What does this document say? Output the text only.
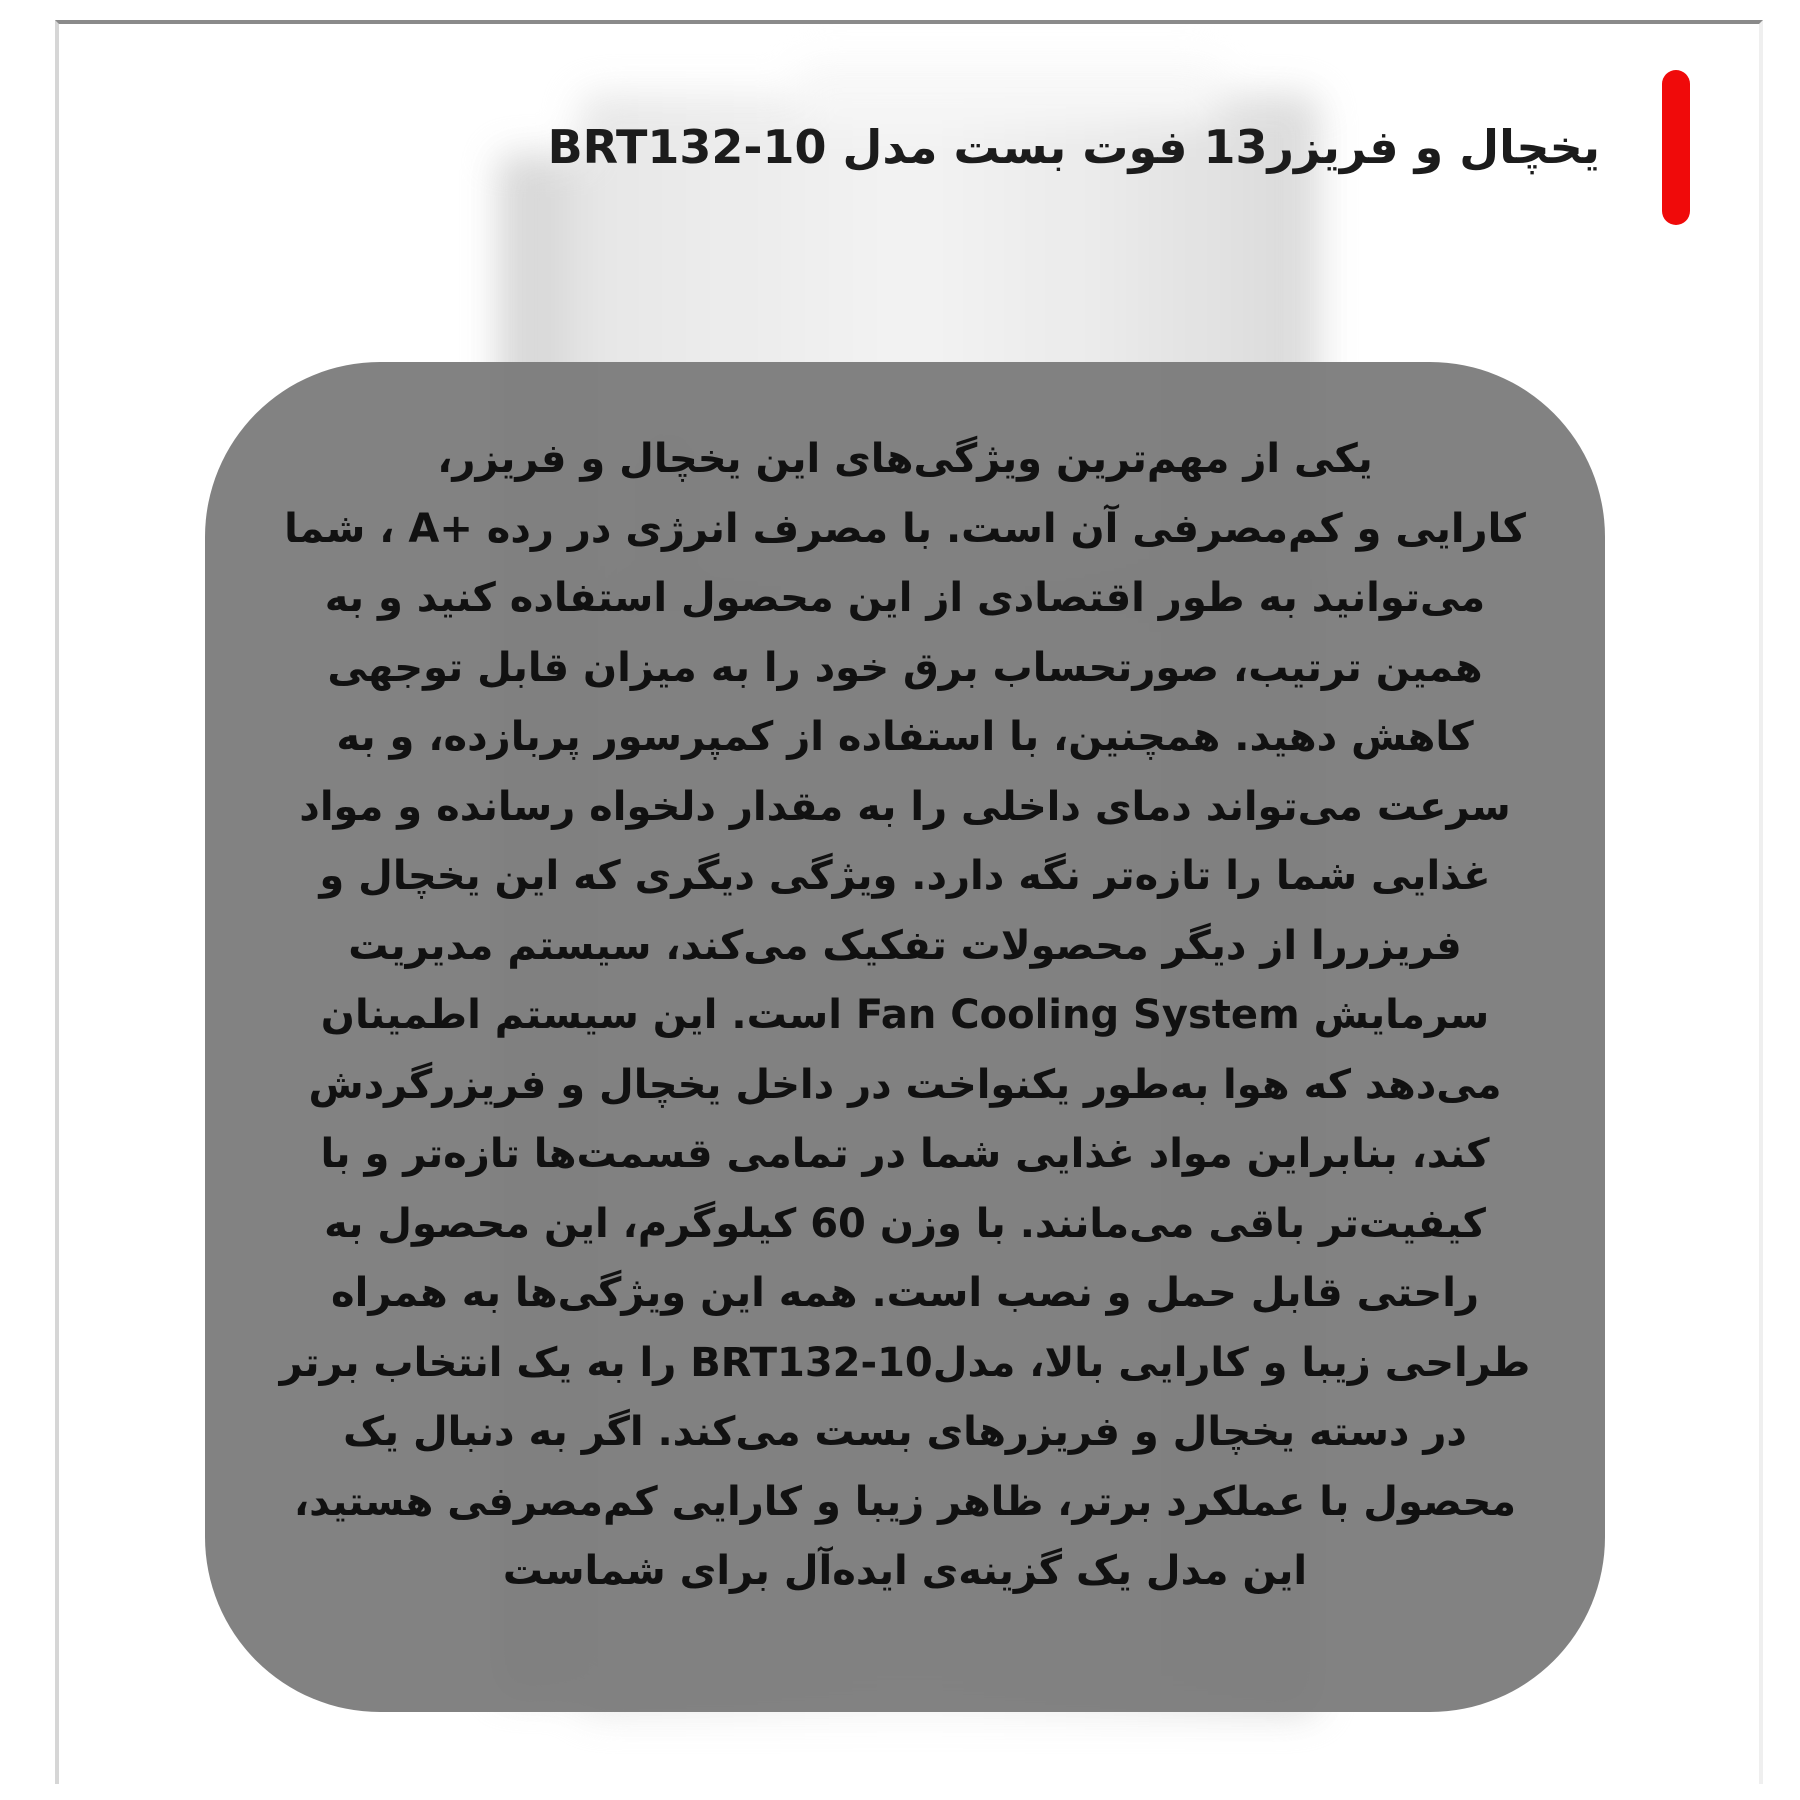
یخچال و فریزر13 فوت بست مدل BRT132-10
یکی از مهم‌ترین ویژگی‌های این یخچال و فریزر،
کارایی و کم‌مصرفی آن است. با مصرف انرژی در رده +A ، شما
می‌توانید به طور اقتصادی از این محصول استفاده کنید و به
همین ترتیب، صورتحساب برق خود را به میزان قابل توجهی
کاهش دهید. همچنین، با استفاده از کمپرسور پربازده، و به
سرعت می‌تواند دمای داخلی را به مقدار دلخواه رسانده و مواد
غذایی شما را تازه‌تر نگه دارد. ویژگی دیگری که این یخچال و
فریزررا از دیگر محصولات تفکیک می‌کند، سیستم مدیریت
سرمایش Fan Cooling System است. این سیستم اطمینان
می‌دهد که هوا به‌طور یکنواخت در داخل یخچال و فریزرگردش
کند، بنابراین مواد غذایی شما در تمامی قسمت‌ها تازه‌تر و با
کیفیت‌تر باقی می‌مانند. با وزن 60 کیلوگرم، این محصول به
راحتی قابل حمل و نصب است. همه این ویژگی‌ها به همراه
طراحی زیبا و کارایی بالا، مدلBRT132-10 را به یک انتخاب برتر
در دسته یخچال و فریزرهای بست می‌کند. اگر به دنبال یک
محصول با عملکرد برتر، ظاهر زیبا و کارایی کم‌مصرفی هستید،
این مدل یک گزینه‌ی ایده‌آل برای شماست
